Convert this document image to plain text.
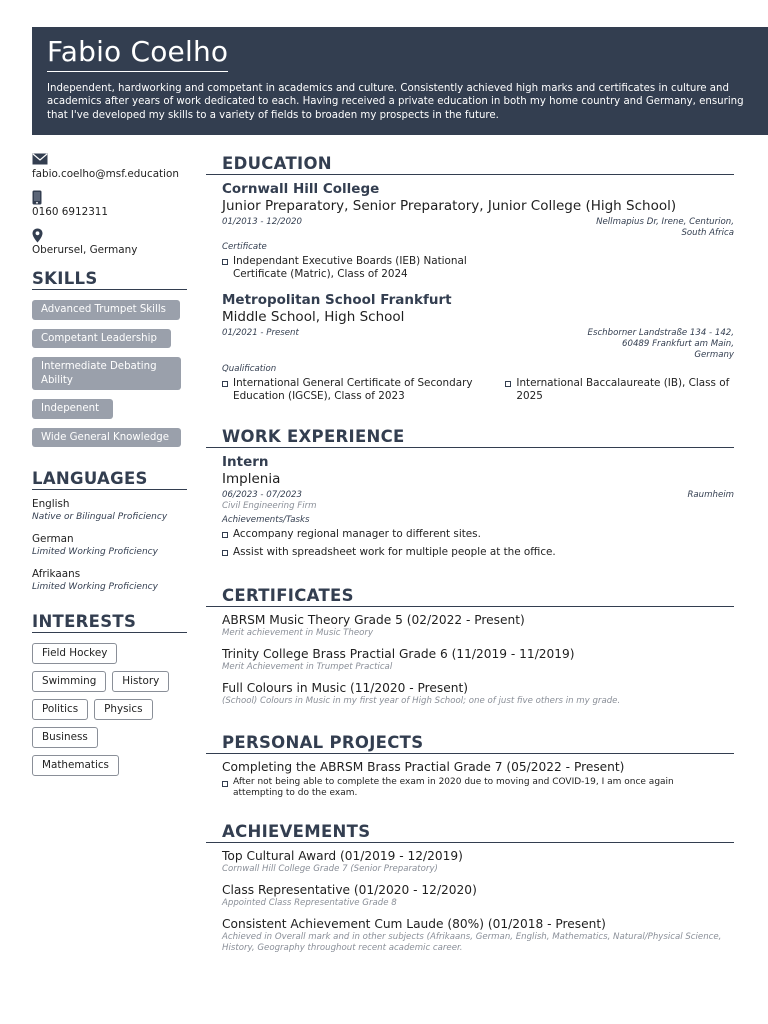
Fabio Coelho
Independent, hardworking and competant in academics and culture. Consistently achieved high marks and certificates in culture and academics after years of work dedicated to each. Having received a private education in both my home country and Germany, ensuring that I've developed my skills to a variety of fields to broaden my prospects in the future.
fabio.coelho@msf.education
0160 6912311
Oberursel, Germany
SKILLS
Advanced Trumpet Skills
Competant Leadership
Intermediate Debating Ability
Indepenent
Wide General Knowledge
LANGUAGES
English
Native or Bilingual Proficiency
German
Limited Working Proficiency
Afrikaans
Limited Working Proficiency
INTERESTS
Field Hockey
Swimming	History
Politics	Physics
Business
Mathematics
EDUCATION
Cornwall Hill College
Junior Preparatory, Senior Preparatory, Junior College (High School)
01/2013 - 12/2020	Nellmapius Dr, Irene, Centurion,
South Africa
Certificate
Independant Executive Boards (IEB) National Certificate (Matric), Class of 2024
Metropolitan School Frankfurt
Middle School, High School
01/2021 - Present	Eschborner Landstraße 134 - 142,
60489 Frankfurt am Main,
Germany
Qualification
International General Certificate of Secondary Education (IGCSE), Class of 2023
International Baccalaureate (IB), Class of 2025
WORK EXPERIENCE
Intern
Implenia
06/2023 - 07/2023	Raumheim
Civil Engineering Firm
Achievements/Tasks
Accompany regional manager to different sites.
Assist with spreadsheet work for multiple people at the office.
CERTIFICATES
ABRSM Music Theory Grade 5 (02/2022 - Present)
Merit achievement in Music Theory
Trinity College Brass Practial Grade 6 (11/2019 - 11/2019)
Merit Achievement in Trumpet Practical
Full Colours in Music (11/2020 - Present)
(School) Colours in Music in my first year of High School; one of just five others in my grade.
PERSONAL PROJECTS
Completing the ABRSM Brass Practial Grade 7 (05/2022 - Present)
After not being able to complete the exam in 2020 due to moving and COVID-19, I am once again attempting to do the exam.
ACHIEVEMENTS
Top Cultural Award (01/2019 - 12/2019)
Cornwall Hill College Grade 7 (Senior Preparatory)
Class Representative (01/2020 - 12/2020)
Appointed Class Representative Grade 8
Consistent Achievement Cum Laude (80%) (01/2018 - Present)
Achieved in Overall mark and in other subjects (Afrikaans, German, English, Mathematics, Natural/Physical Science, History, Geography throughout recent academic career.
